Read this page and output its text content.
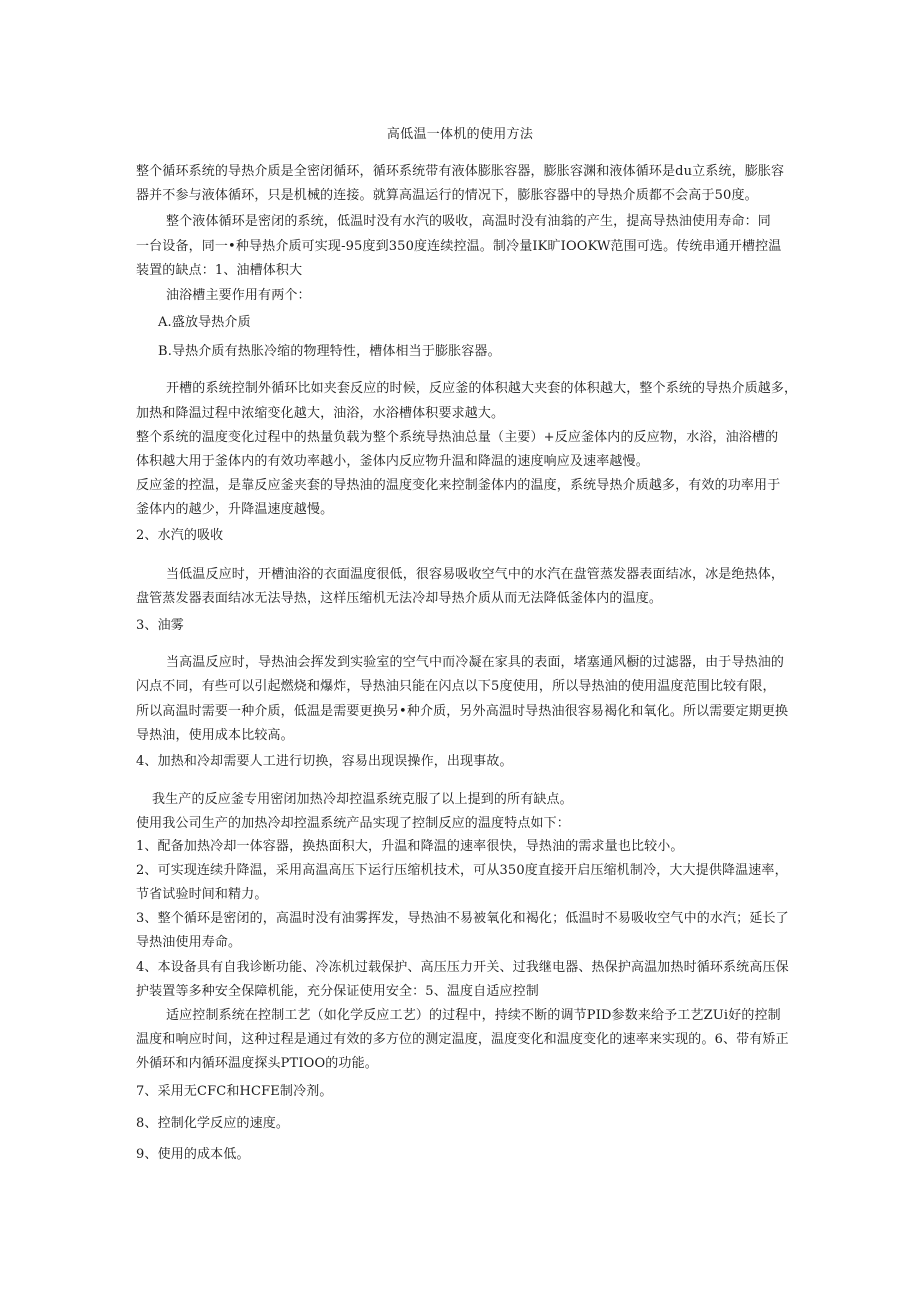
高低温一体机的使用方法
整个循环系统的导热介质是全密闭循环，循环系统带有液体膨胀容器，膨胀容渊和液体循环是du立系统，膨胀容
器并不参与液体循环，只是机械的连接。就算高温运行的情况下，膨胀容器中的导热介质都不会高于50度。
整个液体循环是密闭的系统，低温时没有水汽的吸收，高温时没有油翁的产生，提高导热油使用寿命：同
一台设备，同一•种导热介质可实现-95度到350度连续控温。制冷量IK旷IOOKW范围可选。传统串通开槽控温
装置的缺点：1、油槽体积大
油浴槽主要作用有两个：
A.盛放导热介质
B.导热介质有热胀冷缩的物理特性，槽体相当于膨胀容器。
开槽的系统控制外循环比如夹套反应的时候，反应釜的体积越大夹套的体积越大，整个系统的导热介质越多，
加热和降温过程中浓缩变化越大，油浴，水浴槽体积要求越大。
整个系统的温度变化过程中的热量负载为整个系统导热油总量（主要）+反应釜体内的反应物，水浴，油浴槽的
体积越大用于釜体内的有效功率越小，釜体内反应物升温和降温的速度响应及速率越慢。
反应釜的控温，是靠反应釜夹套的导热油的温度变化来控制釜体内的温度，系统导热介质越多，有效的功率用于
釜体内的越少，升降温速度越慢。
2、水汽的吸收
当低温反应时，开槽油浴的衣面温度很低，很容易吸收空气中的水汽在盘管蒸发器表面结冰，冰是绝热体，
盘管蒸发器表面结冰无法导热，这样压缩机无法冷却导热介质从而无法降低釜体内的温度。
3、油雾
当高温反应时，导热油会挥发到实验室的空气中而冷凝在家具的表面，堵塞通风橱的过滤器，由于导热油的
闪点不同，有些可以引起燃烧和爆炸，导热油只能在闪点以下5度使用，所以导热油的使用温度范围比较有限，
所以高温时需要一种介质，低温是需要更换另•种介质，另外高温时导热油很容易褐化和氧化。所以需要定期更换
导热油，使用成本比较高。
4、加热和冷却需要人工进行切换，容易出现误操作，出现事故。
我生产的反应釜专用密闭加热冷却控温系统克服了以上提到的所有缺点。
使用我公司生产的加热冷却控温系统产品实现了控制反应的温度特点如下：
1、配备加热冷却一体容器，换热面积大，升温和降温的速率很快，导热油的需求量也比较小。
2、可实现连续升降温，采用高温高压下运行压缩机技术，可从350度直接开启压缩机制冷，大大提供降温速率，
节省试验时间和精力。
3、整个循环是密闭的，高温时没有油雾挥发，导热油不易被氧化和褐化；低温时不易吸收空气中的水汽；延长了
导热油使用寿命。
4、本设备具有自我诊断功能、冷冻机过载保护、高压压力开关、过我继电器、热保护高温加热时循环系统高压保
护装置等多种安全保障机能，充分保证使用安全：5、温度自适应控制
适应控制系统在控制工艺（如化学反应工艺）的过程中，持续不断的调节PID参数来给予工艺ZUi好的控制
温度和响应时间，这种过程是通过有效的多方位的测定温度，温度变化和温度变化的速率来实现的。6、带有矫正
外循环和内循环温度探头PTIOO的功能。
7、采用无CFC和HCFE制冷剂。
8、控制化学反应的速度。
9、使用的成本低。
